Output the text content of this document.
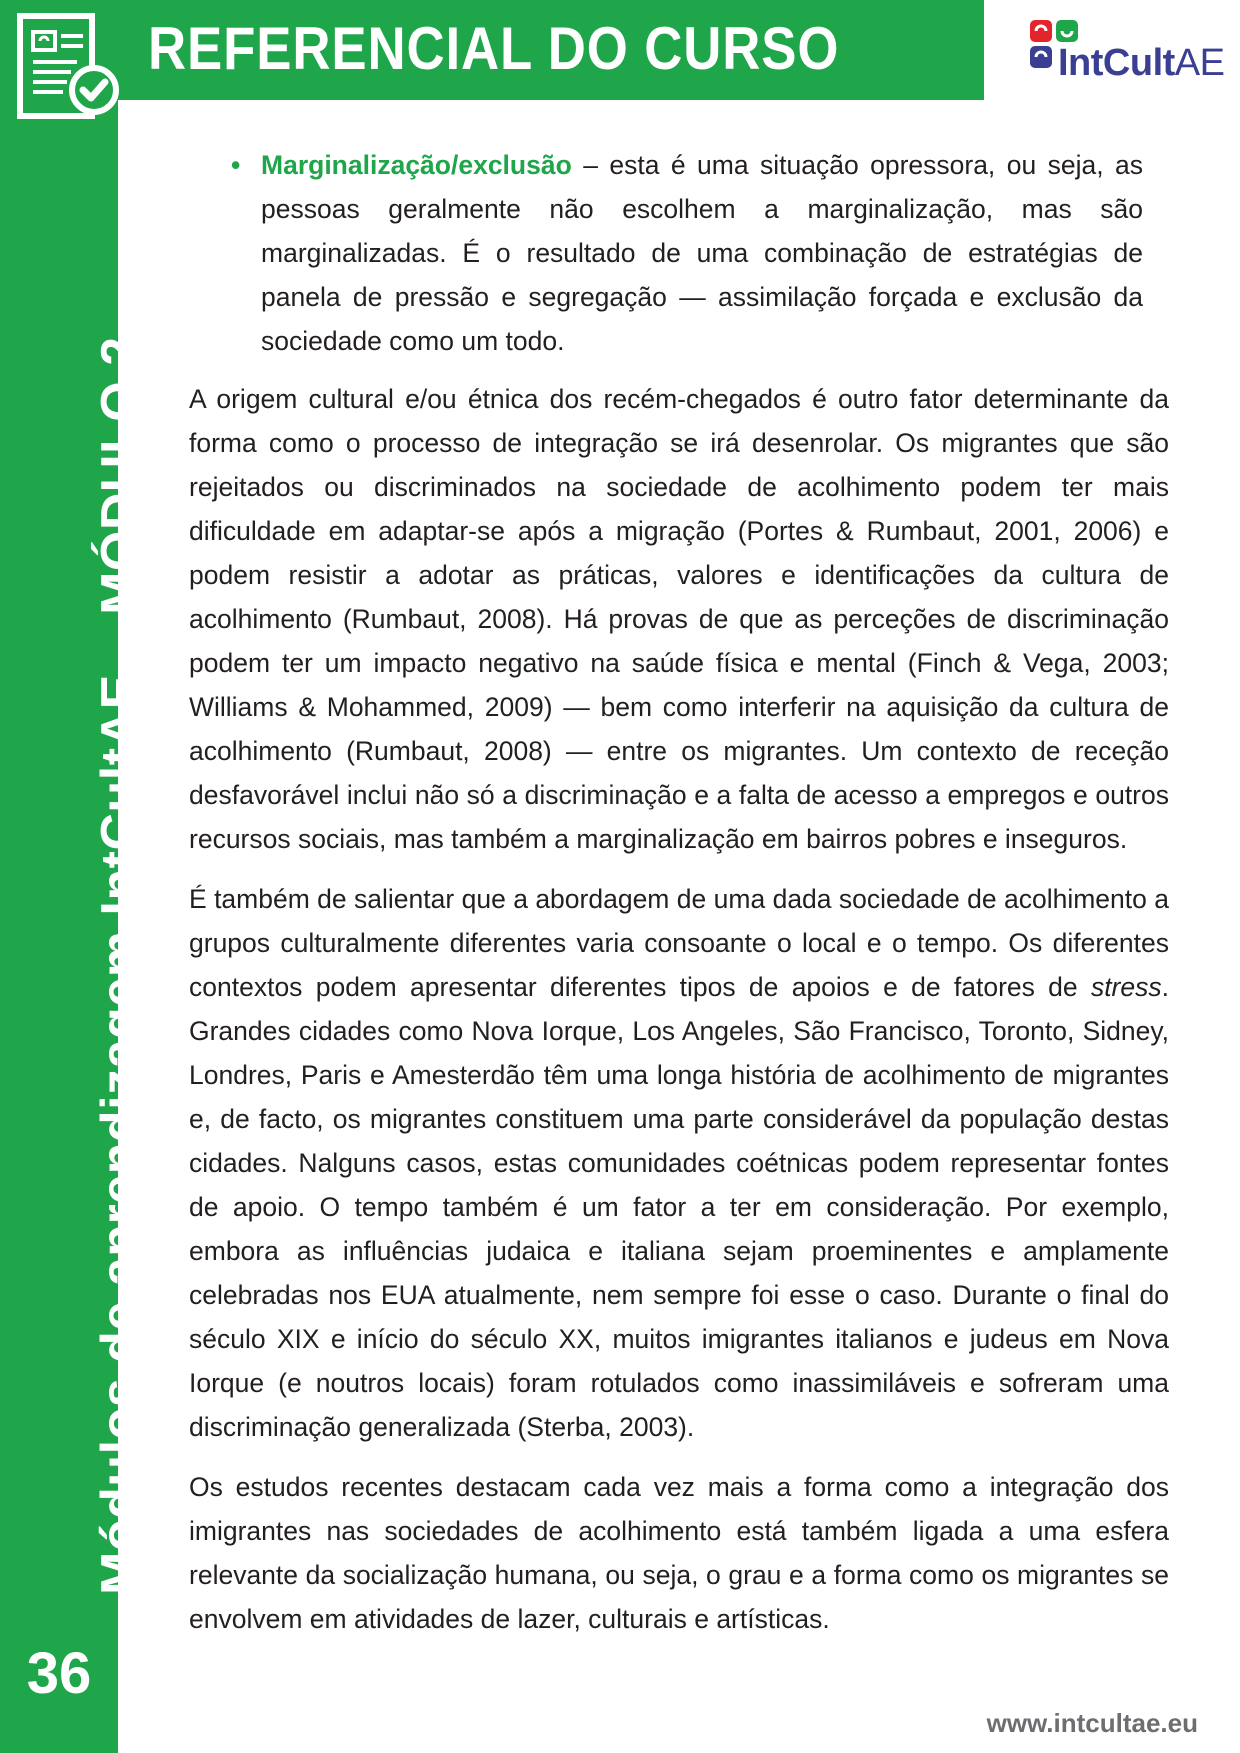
REFERENCIAL DO CURSO
Módulos de aprendizagem IntCultAE – MÓDULO 2
36
IntCultAE

• Marginalização/exclusão – esta é uma situação opressora, ou seja, as pessoas geralmente não escolhem a marginalização, mas são marginalizadas. É o resultado de uma combinação de estratégias de panela de pressão e segregação — assimilação forçada e exclusão da sociedade como um todo.

A origem cultural e/ou étnica dos recém-chegados é outro fator determinante da forma como o processo de integração se irá desenrolar. Os migrantes que são rejeitados ou discriminados na sociedade de acolhimento podem ter mais dificuldade em adaptar-se após a migração (Portes & Rumbaut, 2001, 2006) e podem resistir a adotar as práticas, valores e identificações da cultura de acolhimento (Rumbaut, 2008). Há provas de que as perceções de discriminação podem ter um impacto negativo na saúde física e mental (Finch & Vega, 2003; Williams & Mohammed, 2009) — bem como interferir na aquisição da cultura de acolhimento (Rumbaut, 2008) — entre os migrantes. Um contexto de receção desfavorável inclui não só a discriminação e a falta de acesso a empregos e outros recursos sociais, mas também a marginalização em bairros pobres e inseguros.

É também de salientar que a abordagem de uma dada sociedade de acolhimento a grupos culturalmente diferentes varia consoante o local e o tempo. Os diferentes contextos podem apresentar diferentes tipos de apoios e de fatores de stress. Grandes cidades como Nova Iorque, Los Angeles, São Francisco, Toronto, Sidney, Londres, Paris e Amesterdão têm uma longa história de acolhimento de migrantes e, de facto, os migrantes constituem uma parte considerável da população destas cidades. Nalguns casos, estas comunidades coétnicas podem representar fontes de apoio. O tempo também é um fator a ter em consideração. Por exemplo, embora as influências judaica e italiana sejam proeminentes e amplamente celebradas nos EUA atualmente, nem sempre foi esse o caso. Durante o final do século XIX e início do século XX, muitos imigrantes italianos e judeus em Nova Iorque (e noutros locais) foram rotulados como inassimiláveis e sofreram uma discriminação generalizada (Sterba, 2003).

Os estudos recentes destacam cada vez mais a forma como a integração dos imigrantes nas sociedades de acolhimento está também ligada a uma esfera relevante da socialização humana, ou seja, o grau e a forma como os migrantes se envolvem em atividades de lazer, culturais e artísticas.

www.intcultae.eu
